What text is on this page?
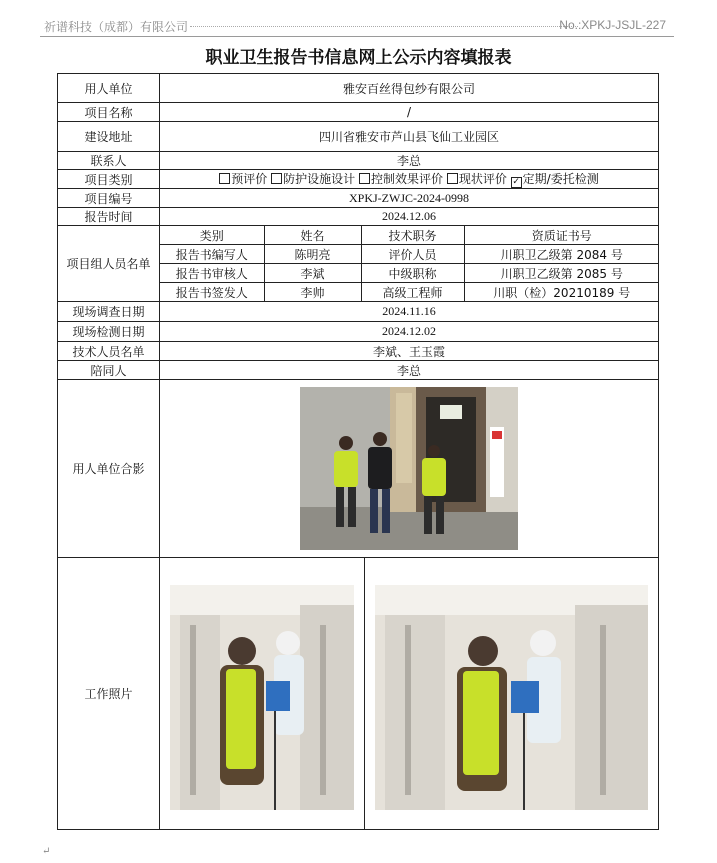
祈谱科技（成都）有限公司	No.:XPKJ-JSJL-227
职业卫生报告书信息网上公示内容填报表
用人单位	雅安百丝得包纱有限公司
项目名称	/
建设地址	四川省雅安市芦山县飞仙工业园区
联系人	李总
项目类别	预评价 防护设施设计 控制效果评价 现状评价 ✓ 定期/委托检测
项目编号	XPKJ-ZWJC-2024-0998
报告时间	2024.12.06
项目组人员名单	
类别	姓名	技术职务	资质证书号
报告书编写人	陈明亮	评价人员	川职卫乙级第 2084 号
报告书审核人	李斌	中级职称	川职卫乙级第 2085 号
报告书签发人	李帅	高级工程师	川职（检）20210189 号

现场调查日期	2024.11.16
现场检测日期	2024.12.02
技术人员名单	李斌、王玉霞
陪同人	李总
用人单位合影	

工作照片	

↵
